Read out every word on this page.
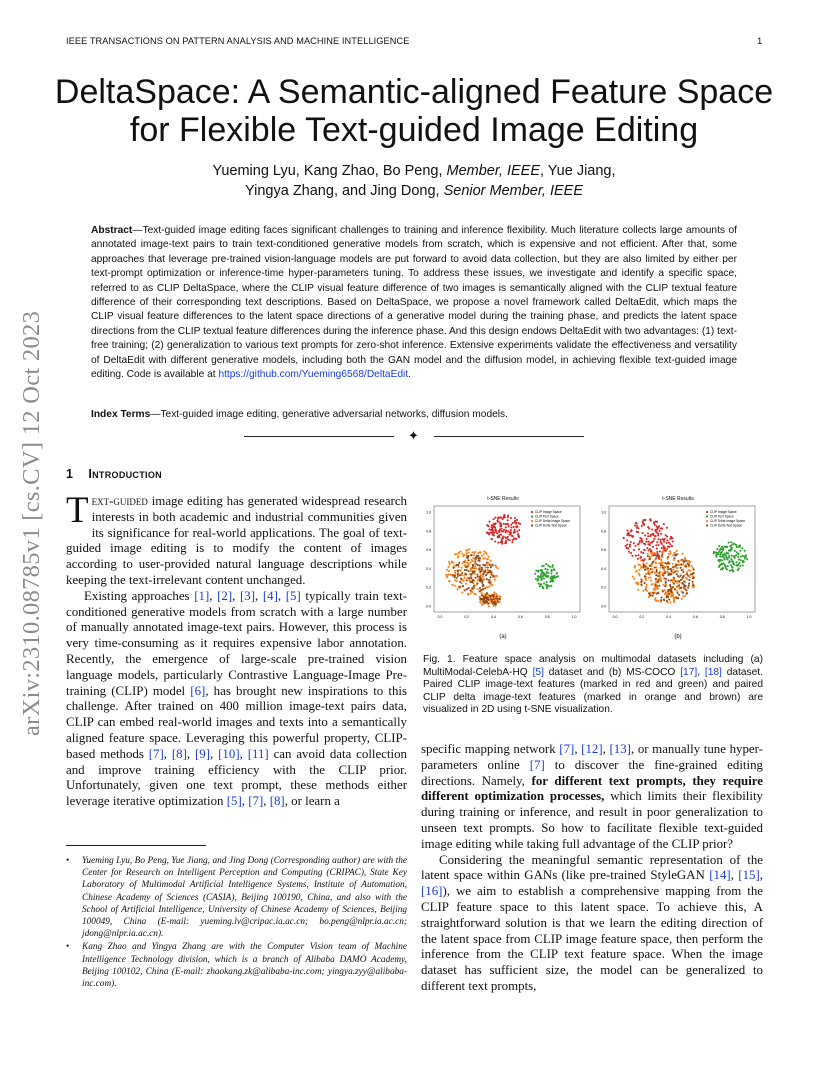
IEEE TRANSACTIONS ON PATTERN ANALYSIS AND MACHINE INTELLIGENCE	1
arXiv:2310.08785v1 [cs.CV] 12 Oct 2023
DeltaSpace: A Semantic-aligned Feature Space for Flexible Text-guided Image Editing
Yueming Lyu, Kang Zhao, Bo Peng, Member, IEEE, Yue Jiang,
Yingya Zhang, and Jing Dong, Senior Member, IEEE

Abstract—Text-guided image editing faces significant challenges to training and inference flexibility. Much literature collects large amounts of annotated image-text pairs to train text-conditioned generative models from scratch, which is expensive and not efficient. After that, some approaches that leverage pre-trained vision-language models are put forward to avoid data collection, but they are also limited by either per text-prompt optimization or inference-time hyper-parameters tuning. To address these issues, we investigate and identify a specific space, referred to as CLIP DeltaSpace, where the CLIP visual feature difference of two images is semantically aligned with the CLIP textual feature difference of their corresponding text descriptions. Based on DeltaSpace, we propose a novel framework called DeltaEdit, which maps the CLIP visual feature differences to the latent space directions of a generative model during the training phase, and predicts the latent space directions from the CLIP textual feature differences during the inference phase. And this design endows DeltaEdit with two advantages: (1) text-free training; (2) generalization to various text prompts for zero-shot inference. Extensive experiments validate the effectiveness and versatility of DeltaEdit with different generative models, including both the GAN model and the diffusion model, in achieving flexible text-guided image editing. Code is available at https://github.com/Yueming6568/DeltaEdit.

Index Terms—Text-guided image editing, generative adversarial networks, diffusion models.

✦
1 Introduction

Text-guided image editing has generated widespread research interests in both academic and industrial communities given its significance for real-world applications. The goal of text-guided image editing is to modify the content of images according to user-provided natural language descriptions while keeping the text-irrelevant content unchanged.

Existing approaches [1], [2], [3], [4], [5] typically train text-conditioned generative models from scratch with a large number of manually annotated image-text pairs. However, this process is very time-consuming as it requires expensive labor annotation. Recently, the emergence of large-scale pre-trained vision language models, particularly Contrastive Language-Image Pre-training (CLIP) model [6], has brought new inspirations to this challenge. After trained on 400 million image-text pairs data, CLIP can embed real-world images and texts into a semantically aligned feature space. Leveraging this powerful property, CLIP-based methods [7], [8], [9], [10], [11] can avoid data collection and improve training efficiency with the CLIP prior. Unfortunately, given one text prompt, these methods either leverage iterative optimization [5], [7], [8], or learn a

• Yueming Lyu, Bo Peng, Yue Jiang, and Jing Dong (Corresponding author) are with the Center for Research on Intelligent Perception and Computing (CRIPAC), State Key Laboratory of Multimodal Artificial Intelligence Systems, Institute of Automation, Chinese Academy of Sciences (CASIA), Beijing 100190, China, and also with the School of Artificial Intelligence, University of Chinese Academy of Sciences, Beijing 100049, China (E-mail: yueming.lv@cripac.ia.ac.cn; bo.peng@nlpr.ia.ac.cn; jdong@nlpr.ia.ac.cn).
• Kang Zhao and Yingya Zhang are with the Computer Vision team of Machine Intelligence Technology division, which is a branch of Alibaba DAMO Academy, Beijing 100102, China (E-mail: zhaokang.zk@alibaba-inc.com; yingya.zyy@alibaba-inc.com).
t-SNE Results
1.0
0.8
0.6
0.4
0.2
0.0
0.0	0.2	0.4	0.6	0.8	1.0
CLIP Image Space
CLIP Text Space
CLIP Delta Image Space
CLIP Delta Text Space
(a)
t-SNE Results
1.0
0.8
0.6
0.4
0.2
0.0
0.0	0.2	0.4	0.6	0.8	1.0
CLIP Image Space
CLIP Text Space
CLIP Delta Image Space
CLIP Delta Text Space
(b)
Fig. 1. Feature space analysis on multimodal datasets including (a) MultiModal-CelebA-HQ [5] dataset and (b) MS-COCO [17], [18] dataset. Paired CLIP image-text features (marked in red and green) and paired CLIP delta image-text features (marked in orange and brown) are visualized in 2D using t-SNE visualization.

specific mapping network [7], [12], [13], or manually tune hyper-parameters online [7] to discover the fine-grained editing directions. Namely, for different text prompts, they require different optimization processes, which limits their flexibility during training or inference, and result in poor generalization to unseen text prompts. So how to facilitate flexible text-guided image editing while taking full advantage of the CLIP prior?

Considering the meaningful semantic representation of the latent space within GANs (like pre-trained StyleGAN [14], [15], [16]), we aim to establish a comprehensive mapping from the CLIP feature space to this latent space. To achieve this, A straightforward solution is that we learn the editing direction of the latent space from CLIP image feature space, then perform the inference from the CLIP text feature space. When the image dataset has sufficient size, the model can be generalized to different text prompts,
